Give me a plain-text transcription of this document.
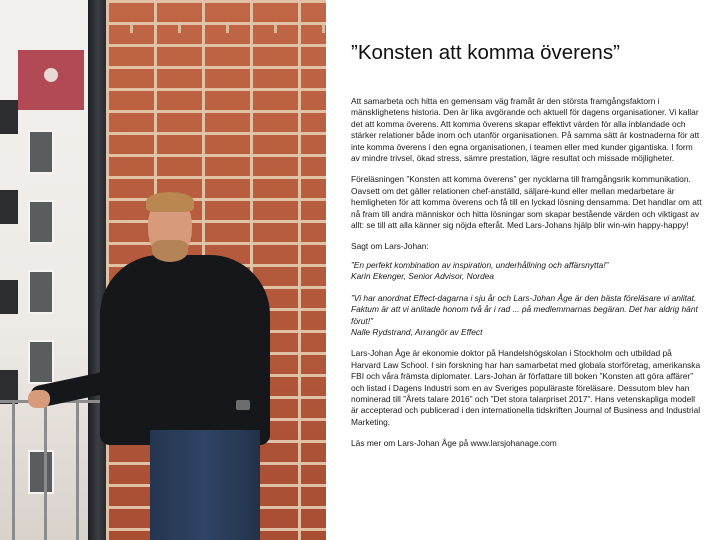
”Konsten att komma överens”

Att samarbeta och hitta en gemensam väg framåt är den största framgångsfaktorn i mänsklighetens historia. Den är lika avgörande och aktuell för dagens organisationer. Vi kallar det att komma överens. Att komma överens skapar effektivt värden för alla inblandade och stärker relationer både inom och utanför organisationen. På samma sätt är kostnaderna för att inte komma överens i den egna organisationen, i teamen eller med kunder gigantiska. I form av mindre trivsel, ökad stress, sämre prestation, lägre resultat och missade möjligheter.

Föreläsningen ”Konsten att komma överens” ger nycklarna till framgångsrik kommunikation. Oavsett om det gäller relationen chef-anställd, säljare-kund eller mellan medarbetare är hemligheten för att komma överens och få till en lyckad lösning densamma. Det handlar om att nå fram till andra människor och hitta lösningar som skapar bestående värden och viktigast av allt: se till att alla känner sig nöjda efteråt. Med Lars-Johans hjälp blir win-win happy-happy!

Sagt om Lars-Johan:

”En perfekt kombination av inspiration, underhållning och affärsnytta!”

Karin Ekenger, Senior Advisor, Nordea

”Vi har anordnat Effect-dagarna i sju år och Lars-Johan Åge är den bästa föreläsare vi anlitat. Faktum är att vi anlitade honom två år i rad ... på medlemmarnas begäran. Det har aldrig hänt förut!”

Nalle Rydstrand, Arrangör av Effect

Lars-Johan Åge är ekonomie doktor på Handelshögskolan i Stockholm och utbildad på Harvard Law School. I sin forskning har han samarbetat med globala storföretag, amerikanska FBI och våra främsta diplomater. Lars-Johan är författare till boken ”Konsten att göra affärer” och listad i Dagens Industri som en av Sveriges populäraste föreläsare. Dessutom blev han nominerad till ”Årets talare 2016” och ”Det stora talarpriset 2017”. Hans vetenskapliga modell är accepterad och publicerad i den internationella tidskriften Journal of Business and Industrial Marketing.

Läs mer om Lars-Johan Åge på www.larsjohanage.com
